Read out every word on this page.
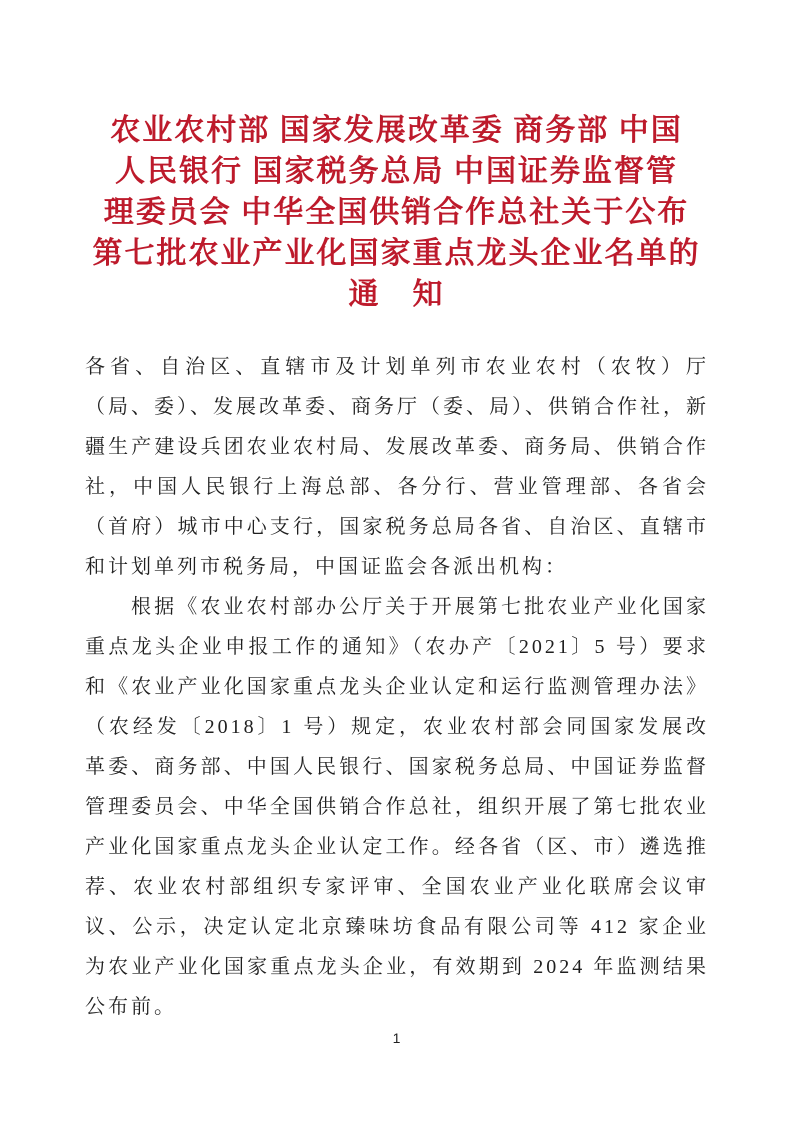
农业农村部 国家发展改革委 商务部 中国
人民银行 国家税务总局 中国证券监督管
理委员会 中华全国供销合作总社关于公布
第七批农业产业化国家重点龙头企业名单的
通　知

各省、自治区、直辖市及计划单列市农业农村（农牧）厅（局、委）、发展改革委、商务厅（委、局）、供销合作社，新疆生产建设兵团农业农村局、发展改革委、商务局、供销合作社，中国人民银行上海总部、各分行、营业管理部、各省会（首府）城市中心支行，国家税务总局各省、自治区、直辖市和计划单列市税务局，中国证监会各派出机构：

根据《农业农村部办公厅关于开展第七批农业产业化国家重点龙头企业申报工作的通知》（农办产〔2021〕5 号）要求和《农业产业化国家重点龙头企业认定和运行监测管理办法》（农经发〔2018〕1 号）规定，农业农村部会同国家发展改革委、商务部、中国人民银行、国家税务总局、中国证券监督管理委员会、中华全国供销合作总社，组织开展了第七批农业产业化国家重点龙头企业认定工作。经各省（区、市）遴选推荐、农业农村部组织专家评审、全国农业产业化联席会议审议、公示，决定认定北京臻味坊食品有限公司等 412 家企业为农业产业化国家重点龙头企业，有效期到 2024 年监测结果公布前。

1
